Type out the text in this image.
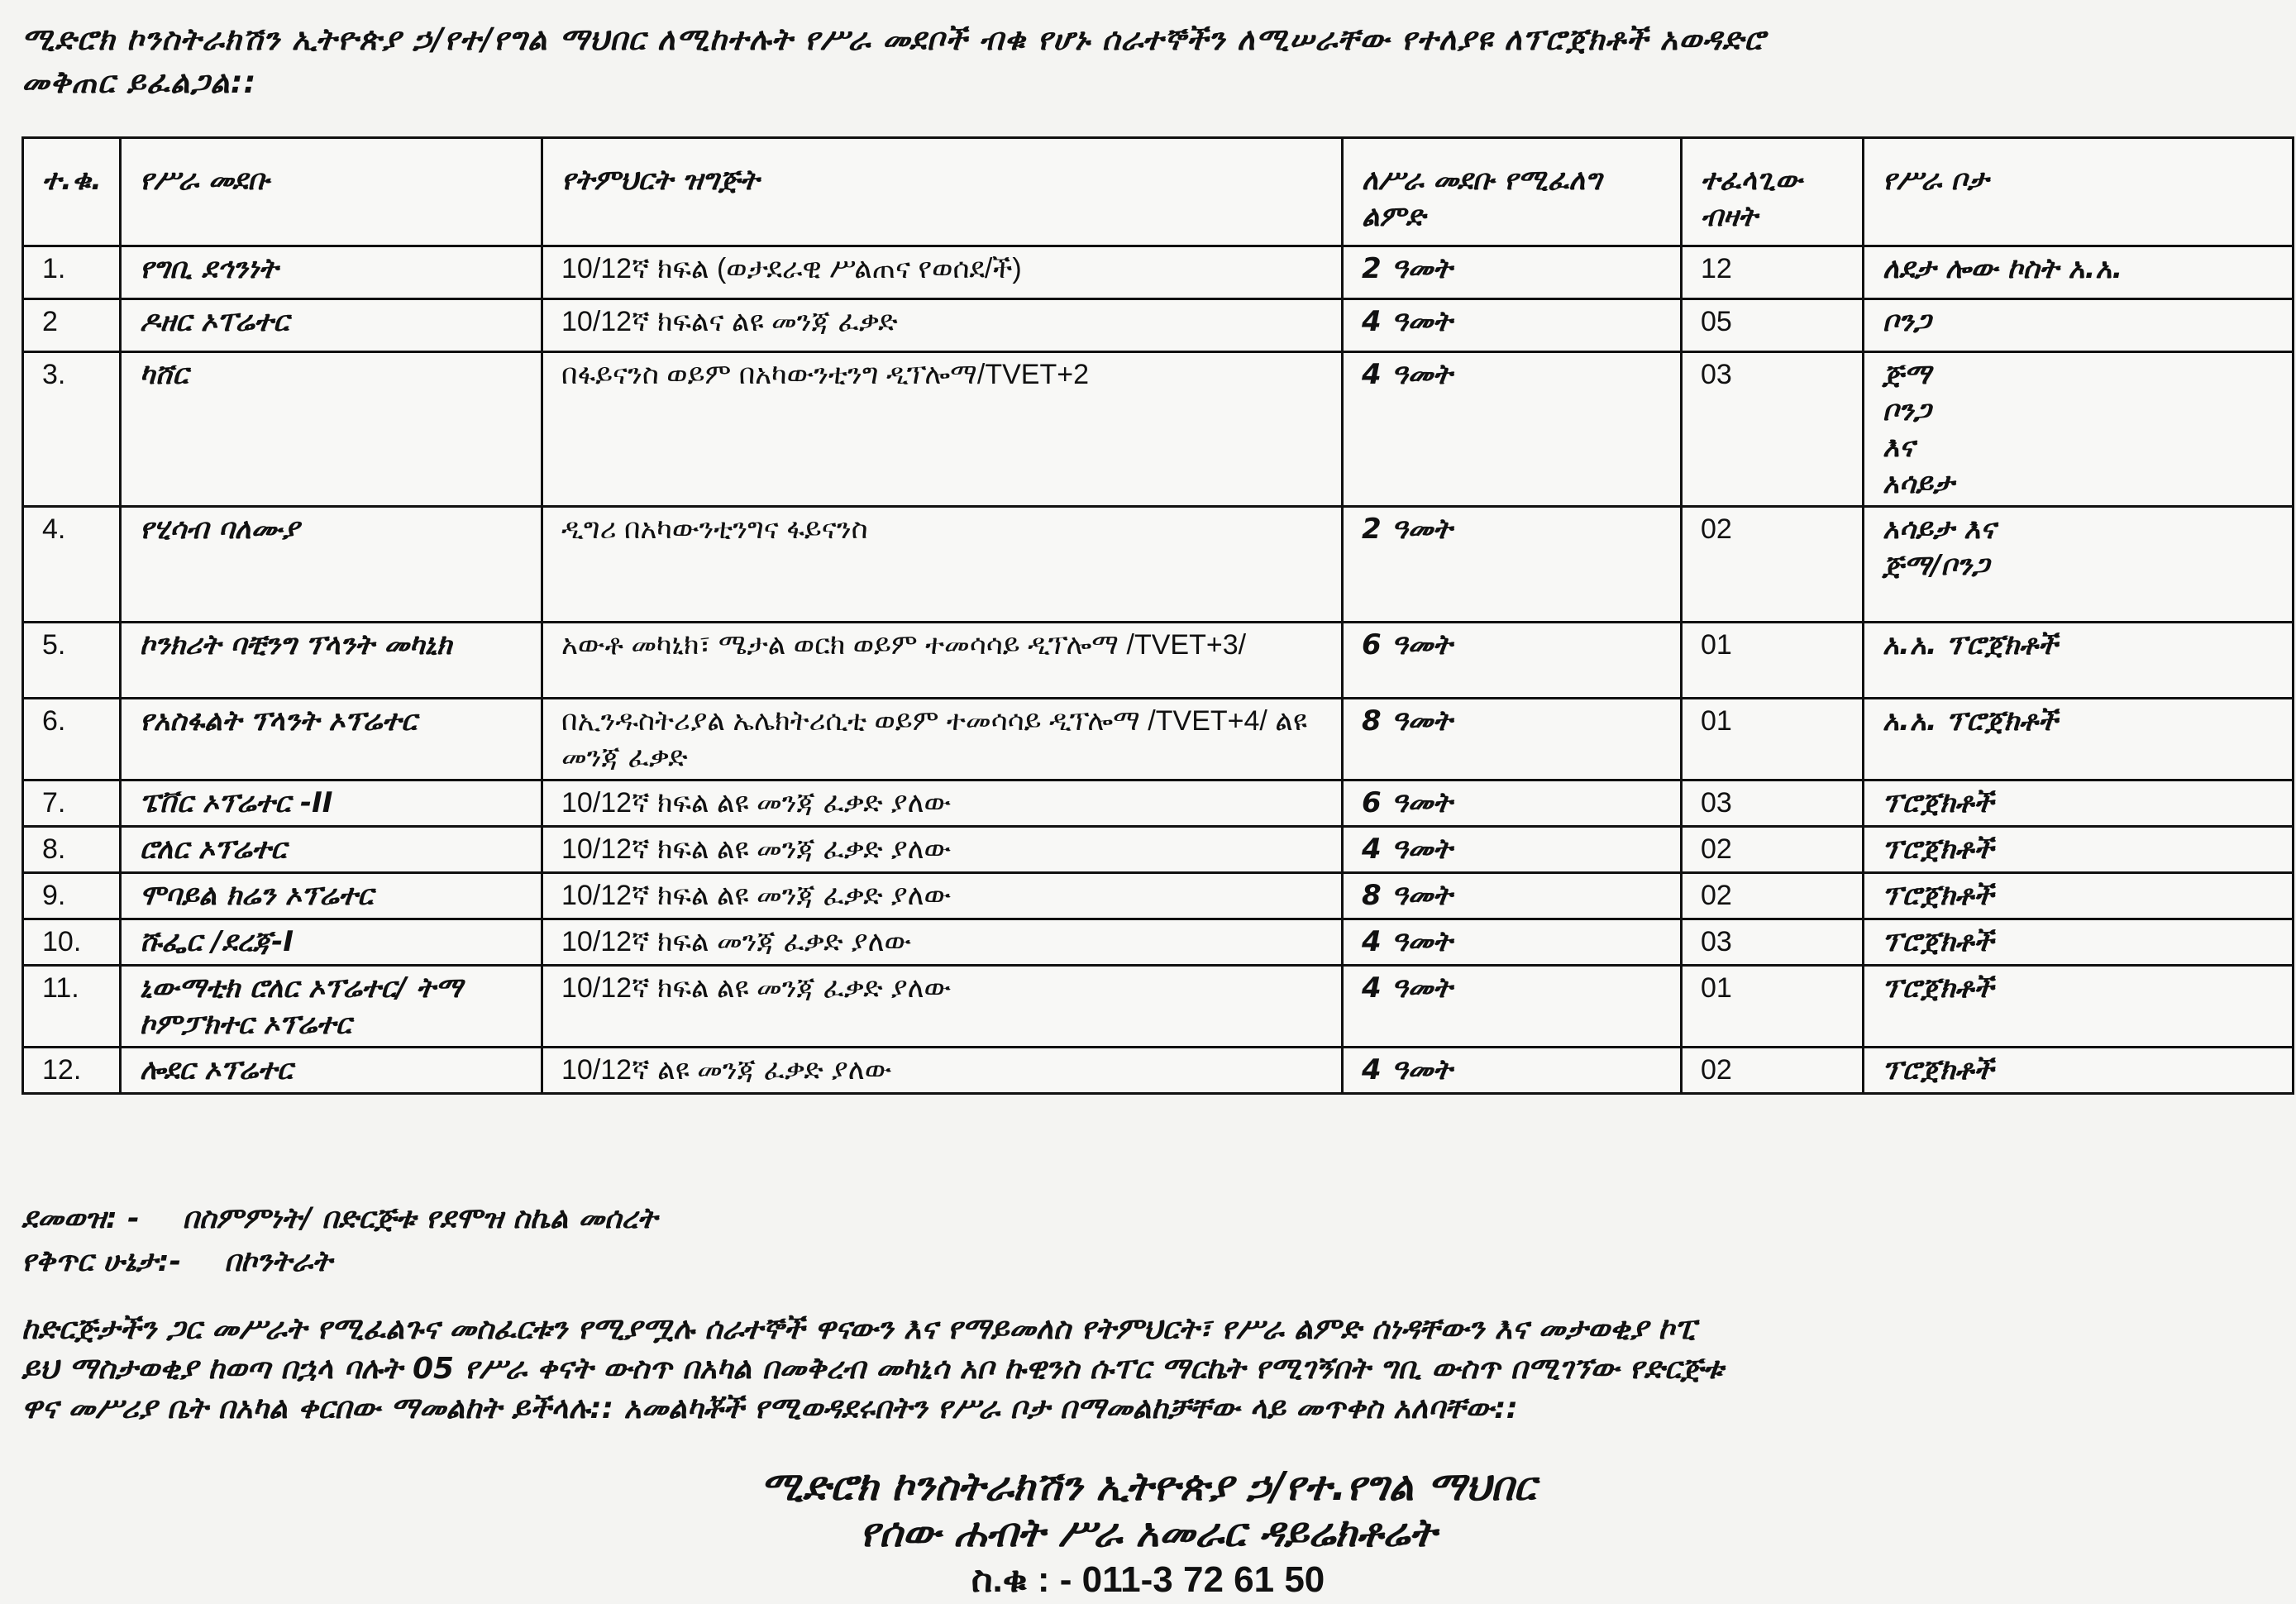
ሚድሮክ ኮንስትራክሽን ኢትዮጵያ ኃ/የተ/የግል ማህበር ለሚከተሉት የሥራ መደቦች ብቁ የሆኑ ሰራተኞችን ለሚሠራቸው የተለያዩ ለፕሮጀክቶች አወዳድሮ
መቅጠር ይፈልጋል::
ተ.ቁ.	የሥራ መደቡ	የትምህርት ዝግጅት	ለሥራ መደቡ የሚፈለግ ልምድ	ተፈላጊው ብዛት	የሥራ ቦታ
1.	የግቢ ደኅንነት	10/12ኛ ክፍል (ወታደራዊ ሥልጠና የወሰደ/ች)	2 ዓመት	12	ለደታ ሎው ኮስት አ.አ.

2	ዶዘር ኦፐሬተር	10/12ኛ ክፍልና ልዩ መንጃ ፈቃድ	4 ዓመት	05	ቦንጋ

3.	ካሸር	በፋይናንስ ወይም በአካውንቲንግ ዲፕሎማ/TVET+2	4 ዓመት	03	ጅማ
ቦንጋ
እና
አሳይታ

4.	የሂሳብ ባለሙያ	ዲግሪ በአካውንቲንግና ፋይናንስ	2 ዓመት	02	አሳይታ እና
ጅማ/ቦንጋ

5.	ኮንክሪት ባቺንግ ፕላንት መካኒክ	አውቶ መካኒክ፣ ሜታል ወርክ ወይም ተመሳሳይ ዲፕሎማ /TVET+3/	6 ዓመት	01	አ.አ. ፕሮጀክቶች

6.	የአስፋልት ፕላንት ኦፕሬተር	በኢንዱስትሪያል ኤሌክትሪሲቲ ወይም ተመሳሳይ ዲፕሎማ /TVET+4/ ልዩ መንጃ ፈቃድ	8 ዓመት	01	አ.አ. ፕሮጀክቶች

7.	ፔቨር ኦፕሬተር -II	10/12ኛ ክፍል ልዩ መንጃ ፈቃድ ያለው	6 ዓመት	03	ፕሮጀክቶች

8.	ሮለር ኦፕሬተር	10/12ኛ ክፍል ልዩ መንጃ ፈቃድ ያለው	4 ዓመት	02	ፕሮጀክቶች

9.	ሞባይል ክሬን ኦፕሬተር	10/12ኛ ክፍል ልዩ መንጃ ፈቃድ ያለው	8 ዓመት	02	ፕሮጀክቶች

10.	ሹፌር /ደረጃ-I	10/12ኛ ክፍል መንጃ ፈቃድ ያለው	4 ዓመት	03	ፕሮጀክቶች

11.	ኒውማቲክ ሮለር ኦፕሬተር/ ትማ ኮምፓክተር ኦፕሬተር	10/12ኛ ክፍል ልዩ መንጃ ፈቃድ ያለው	4 ዓመት	01	ፕሮጀክቶች

12.	ሎደር ኦፕሬተር	10/12ኛ ልዩ መንጃ ፈቃድ ያለው	4 ዓመት	02	ፕሮጀክቶች
ደመወዝ: - በስምምነት/ በድርጅቱ የደሞዝ ስኬል መሰረት
የቅጥር ሁኔታ:- በኮንትራት
ከድርጅታችን ጋር መሥራት የሚፈልጉና መስፈርቱን የሚያሟሉ ሰራተኞች ዋናውን እና የማይመለስ የትምህርት፣ የሥራ ልምድ ሰነዳቸውን እና መታወቂያ ኮፒ
ይህ ማስታወቂያ ከወጣ በኋላ ባሉት 05 የሥራ ቀናት ውስጥ በአካል በመቅረብ መካኒሳ አቦ ኩዊንስ ሱፐር ማርኬት የሚገኝበት ግቢ ውስጥ በሚገኘው የድርጅቱ
ዋና መሥሪያ ቤት በአካል ቀርበው ማመልከት ይችላሉ:: አመልካቾች የሚወዳደሩበትን የሥራ ቦታ በማመልከቻቸው ላይ መጥቀስ አለባቸው::
ሚድሮክ ኮንስትራክሽን ኢትዮጵያ ኃ/የተ.የግል ማህበር
የሰው ሐብት ሥራ አመራር ዳይሬክቶሬት
ስ.ቁ : - 011-3 72 61 50
